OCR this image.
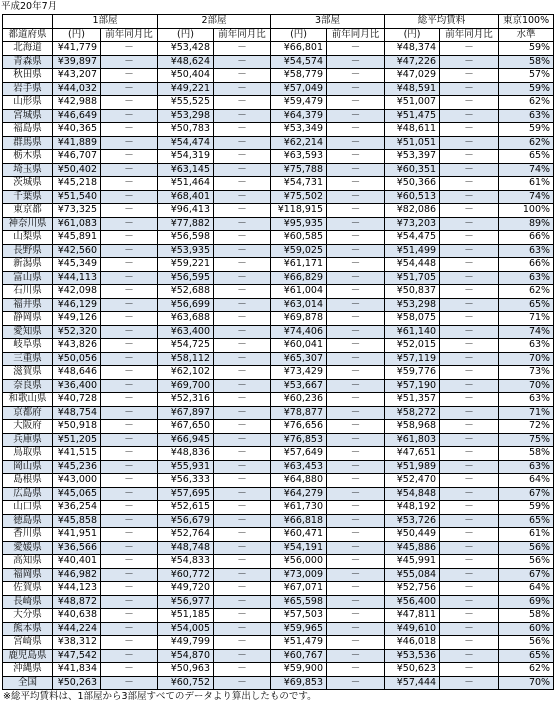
平成20年7月
	1部屋		2部屋		3部屋		総平均賃料		東京100%
都道府県	(円)	前年同月比	(円)	前年同月比	(円)	前年同月比	(円)	前年同月比	水準
北海道	¥41,779	－	¥53,428	－	¥66,801	－	¥48,374	－	59%
青森県	¥39,897	－	¥48,624	－	¥54,574	－	¥47,226	－	58%
秋田県	¥43,207	－	¥50,404	－	¥58,779	－	¥47,029	－	57%
岩手県	¥44,032	－	¥49,221	－	¥57,049	－	¥48,591	－	59%
山形県	¥42,988	－	¥55,525	－	¥59,479	－	¥51,007	－	62%
宮城県	¥46,649	－	¥53,298	－	¥64,379	－	¥51,475	－	63%
福島県	¥40,365	－	¥50,783	－	¥53,349	－	¥48,611	－	59%
群馬県	¥41,889	－	¥54,474	－	¥62,214	－	¥51,051	－	62%
栃木県	¥46,707	－	¥54,319	－	¥63,593	－	¥53,397	－	65%
埼玉県	¥50,402	－	¥63,145	－	¥75,788	－	¥60,351	－	74%
茨城県	¥45,218	－	¥51,464	－	¥54,731	－	¥50,366	－	61%
千葉県	¥51,540	－	¥68,401	－	¥75,502	－	¥60,513	－	74%
東京都	¥73,325	－	¥96,413	－	¥118,915	－	¥82,086	－	100%
神奈川県	¥61,083	－	¥77,882	－	¥95,935	－	¥73,203	－	89%
山梨県	¥45,891	－	¥56,598	－	¥60,585	－	¥54,475	－	66%
長野県	¥42,560	－	¥53,935	－	¥59,025	－	¥51,499	－	63%
新潟県	¥45,349	－	¥59,221	－	¥61,171	－	¥54,448	－	66%
富山県	¥44,113	－	¥56,595	－	¥66,829	－	¥51,705	－	63%
石川県	¥42,098	－	¥52,688	－	¥61,004	－	¥50,837	－	62%
福井県	¥46,129	－	¥56,699	－	¥63,014	－	¥53,298	－	65%
静岡県	¥49,126	－	¥63,688	－	¥69,878	－	¥58,075	－	71%
愛知県	¥52,320	－	¥63,400	－	¥74,406	－	¥61,140	－	74%
岐阜県	¥43,826	－	¥54,725	－	¥60,041	－	¥52,015	－	63%
三重県	¥50,056	－	¥58,112	－	¥65,307	－	¥57,119	－	70%
滋賀県	¥48,646	－	¥62,102	－	¥73,429	－	¥59,776	－	73%
奈良県	¥36,400	－	¥69,700	－	¥53,667	－	¥57,190	－	70%
和歌山県	¥40,728	－	¥52,316	－	¥60,236	－	¥51,357	－	63%
京都府	¥48,754	－	¥67,897	－	¥78,877	－	¥58,272	－	71%
大阪府	¥50,918	－	¥67,650	－	¥76,656	－	¥58,968	－	72%
兵庫県	¥51,205	－	¥66,945	－	¥76,853	－	¥61,803	－	75%
鳥取県	¥41,515	－	¥48,836	－	¥57,649	－	¥47,651	－	58%
岡山県	¥45,236	－	¥55,931	－	¥63,453	－	¥51,989	－	63%
島根県	¥43,000	－	¥56,333	－	¥64,880	－	¥52,470	－	64%
広島県	¥45,065	－	¥57,695	－	¥64,279	－	¥54,848	－	67%
山口県	¥36,254	－	¥52,615	－	¥61,730	－	¥48,192	－	59%
徳島県	¥45,858	－	¥56,679	－	¥66,818	－	¥53,726	－	65%
香川県	¥41,951	－	¥52,764	－	¥60,471	－	¥50,449	－	61%
愛媛県	¥36,566	－	¥48,748	－	¥54,191	－	¥45,886	－	56%
高知県	¥40,401	－	¥54,833	－	¥56,000	－	¥45,991	－	56%
福岡県	¥46,982	－	¥60,772	－	¥73,009	－	¥55,084	－	67%
佐賀県	¥44,123	－	¥49,720	－	¥67,071	－	¥52,756	－	64%
長崎県	¥48,872	－	¥56,977	－	¥65,598	－	¥56,400	－	69%
大分県	¥40,638	－	¥51,185	－	¥57,503	－	¥47,811	－	58%
熊本県	¥44,224	－	¥54,005	－	¥59,965	－	¥49,610	－	60%
宮崎県	¥38,312	－	¥49,799	－	¥51,479	－	¥46,018	－	56%
鹿児島県	¥47,542	－	¥54,870	－	¥60,767	－	¥53,536	－	65%
沖縄県	¥41,834	－	¥50,963	－	¥59,900	－	¥50,623	－	62%
全国	¥50,263	－	¥60,752	－	¥69,853	－	¥57,444	－	70%
※総平均賃料は、1部屋から3部屋すべてのデータより算出したものです。
